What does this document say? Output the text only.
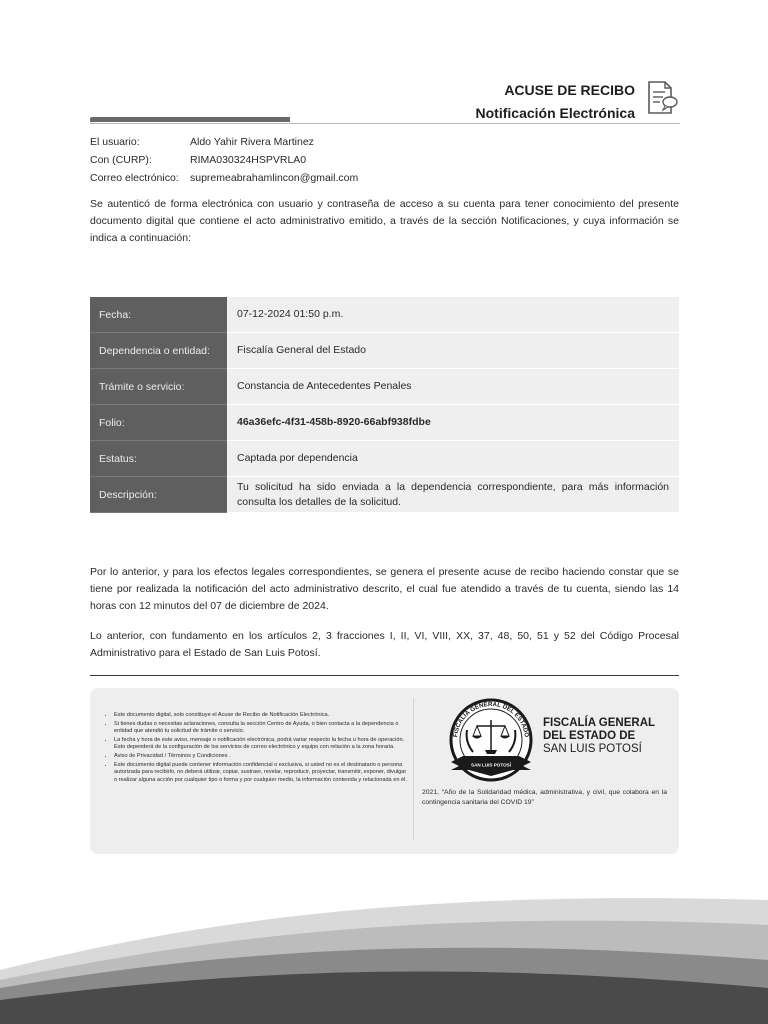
ACUSE DE RECIBO
Notificación Electrónica
El usuario:	Aldo Yahir Rivera Martinez
Con (CURP):	RIMA030324HSPVRLA0
Correo electrónico:	supremeabrahamlincon@gmail.com
Se autenticó de forma electrónica con usuario y contraseña de acceso a su cuenta para tener conocimiento del presente documento digital que contiene el acto administrativo emitido, a través de la sección Notificaciones, y cuya información se indica a continuación:
Fecha:	07-12-2024 01:50 p.m.
Dependencia o entidad:	Fiscalía General del Estado
Trámite o servicio:	Constancia de Antecedentes Penales
Folio:	46a36efc-4f31-458b-8920-66abf938fdbe
Estatus:	Captada por dependencia
Descripción:
Tu solicitud ha sido enviada a la dependencia correspondiente, para más información consulta los detalles de la solicitud.
Por lo anterior, y para los efectos legales correspondientes, se genera el presente acuse de recibo haciendo constar que se tiene por realizada la notificación del acto administrativo descrito, el cual fue atendido a través de tu cuenta, siendo las 14 horas con 12 minutos del 07 de diciembre de 2024.
Lo anterior, con fundamento en los artículos 2, 3 fracciones I, II, VI, VIII, XX, 37, 48, 50, 51 y 52 del Código Procesal Administrativo para el Estado de San Luis Potosí.
• Este documento digital, solo constituye el Acuse de Recibo de Notificación Electrónica.
• Si tienes dudas o necesitas aclaraciones, consulta la sección Centro de Ayuda, o bien contacta a la dependencia o entidad que atendió tu solicitud de trámite o servicio.
• La fecha y hora de este aviso, mensaje o notificación electrónica, podrá variar respecto la fecha u hora de operación. Esto dependerá de la configuración de los servicios de correo electrónico y equipo con relación a la zona horaria.
• Aviso de Privacidad / Términos y Condiciones .
• Este documento digital puede contener información confidencial o exclusiva, si usted no es el destinatario o persona autorizada para recibirlo, no deberá utilizar, copiar, sustraer, revelar, reproducir, proyectar, transmitir, exponer, divulgar o realizar alguna acción por cualquier tipo o forma y por cualquier medio, la información contenida y relacionada en él.
FISCALÍA GENERAL DEL ESTADO
SAN LUIS POTOSÍ
FISCALÍA GENERAL
DEL ESTADO DE
SAN LUIS POTOSÍ
2021, “Año de la Solidaridad médica, administrativa, y civil, que colabora en la contingencia sanitaria del COVID 19”
